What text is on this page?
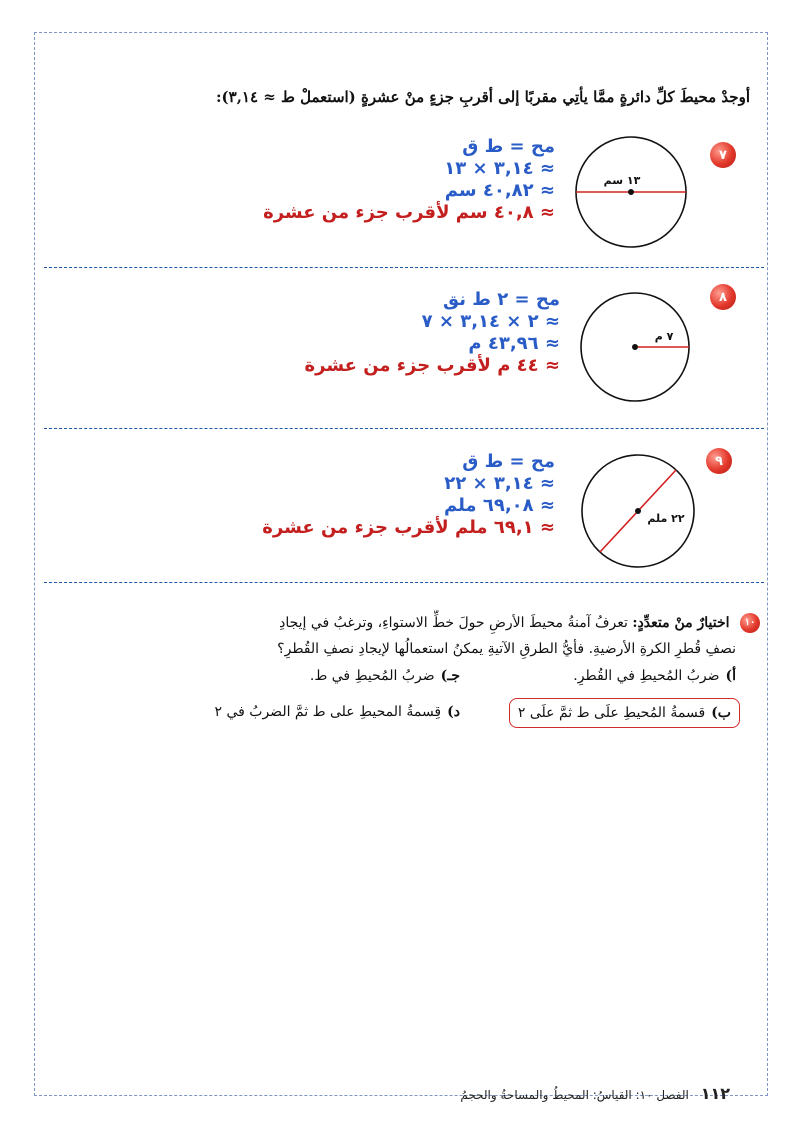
أوجدْ محيطَ كلِّ دائرةٍ ممَّا يأتِي مقربًا إلى أقربِ جزءٍ منْ عشرةٍ (استعملْ ط ≈ ٣,١٤):
٧
١٣ سم
مح = ط ق
≈ ٣,١٤ × ١٣
≈ ٤٠,٨٢ سم
≈ ٤٠,٨ سم لأقرب جزء من عشرة
٨
٧ م
مح = ٢ ط نق
≈ ٢ × ٣,١٤ × ٧
≈ ٤٣,٩٦ م
≈ ٤٤ م لأقرب جزء من عشرة
٩
٢٢ ملم
مح = ط ق
≈ ٣,١٤ × ٢٢
≈ ٦٩,٠٨ ملم
≈ ٦٩,١ ملم لأقرب جزء من عشرة
١٠
اختيارٌ منْ متعدِّدٍ: تعرفُ آمنةُ محيطَ الأرضِ حولَ خطِّ الاستواءِ، وترغبُ في إيجادِ
نصفِ قُطرِ الكرةِ الأرضيةِ. فأيُّ الطرقِ الآتيةِ يمكنُ استعمالُها لإيجادِ نصفِ القُطرِ؟
أ)ضربُ المُحيطِ في القُطرِ.
جـ)ضربُ المُحيطِ في ط.
ب)قسمةُ المُحيطِ علَى ط ثمَّ علَى ٢
د)قِسمةُ المحيطِ على ط ثمَّ الضربُ في ٢
١١٢ الفصل ١٠: القياسُ: المحيطُ والمساحةُ والحجمُ
